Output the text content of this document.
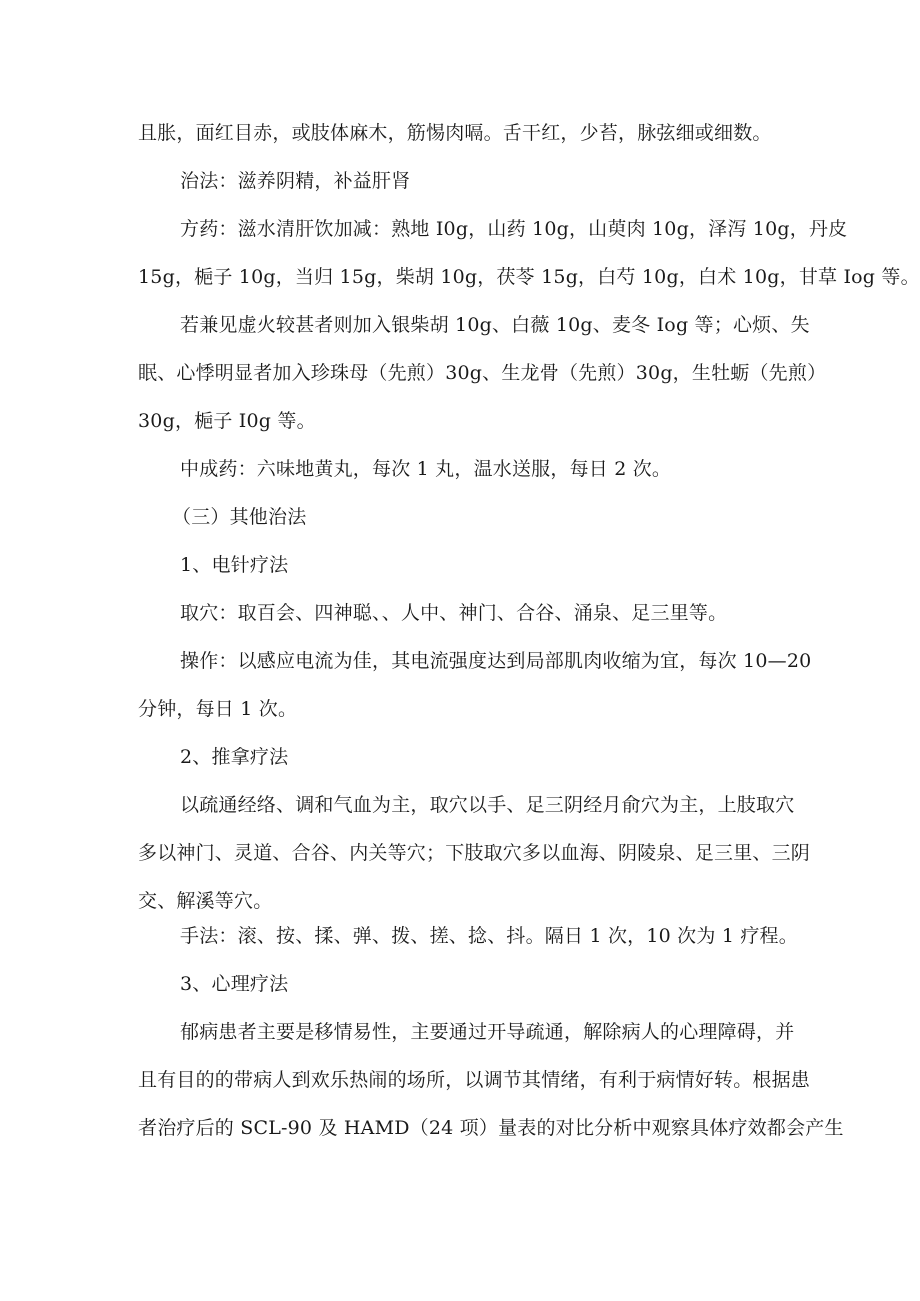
且胀，面红目赤，或肢体麻木，筋惕肉嗝。舌干红，少苔，脉弦细或细数。
治法：滋养阴精，补益肝肾
方药：滋水清肝饮加减：熟地 I0g，山药 10g，山萸肉 10g，泽泻 10g，丹皮
15g，梔子 10g，当归 15g，柴胡 10g，茯苓 15g，白芍 10g，白术 10g，甘草 Iog 等。
若兼见虚火较甚者则加入银柴胡 10g、白薇 10g、麦冬 Iog 等；心烦、失
眠、心悸明显者加入珍珠母（先煎）30g、生龙骨（先煎）30g，生牡蛎（先煎）
30g，梔子 I0g 等。
中成药：六味地黄丸，每次 1 丸，温水送服，每日 2 次。
（三）其他治法
1、电针疗法
取穴：取百会、四神聪、、人中、神门、合谷、涌泉、足三里等。
操作：以感应电流为佳，其电流强度达到局部肌肉收缩为宜，每次 10—20
分钟，每日 1 次。
2、推拿疗法
以疏通经络、调和气血为主，取穴以手、足三阴经月俞穴为主，上肢取穴
多以神门、灵道、合谷、内关等穴；下肢取穴多以血海、阴陵泉、足三里、三阴
交、解溪等穴。
手法：滚、按、揉、弹、拨、搓、捻、抖。隔日 1 次，10 次为 1 疗程。
3、心理疗法
郁病患者主要是移情易性，主要通过开导疏通，解除病人的心理障碍，并
且有目的的带病人到欢乐热闹的场所，以调节其情绪，有利于病情好转。根据患
者治疗后的 SCL-90 及 HAMD（24 项）量表的对比分析中观察具体疗效都会产生
